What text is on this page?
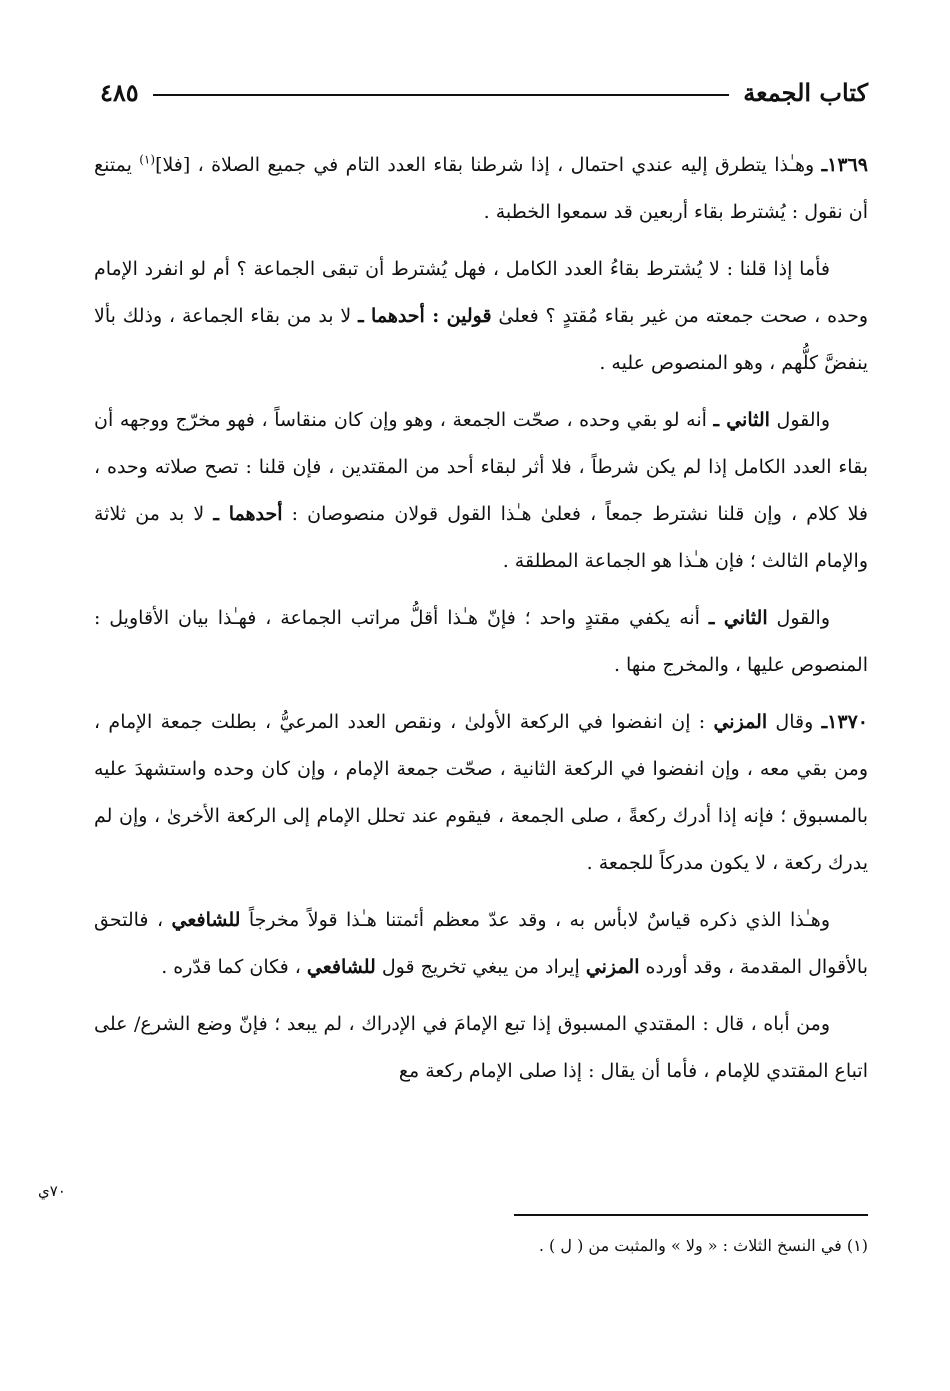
كتاب الجمعة
٤٨٥

١٣٦٩ـ وهـٰذا يتطرق إليه عندي احتمال ، إذا شرطنا بقاء العدد التام في جميع الصلاة ، [فلا]$^{(١)}$ يمتنع أن نقول : يُشترط بقاء أربعين قد سمعوا الخطبة .

فأما إذا قلنا : لا يُشترط بقاءُ العدد الكامل ، فهل يُشترط أن تبقى الجماعة ؟ أم لو انفرد الإمام وحده ، صحت جمعته من غير بقاء مُقتدٍ ؟ فعلىٰ قولين : أحدهما ـ لا بد من بقاء الجماعة ، وذلك بألا ينفضَّ كلُّهم ، وهو المنصوص عليه .

والقول الثاني ـ أنه لو بقي وحده ، صحّت الجمعة ، وهو وإن كان منقاساً ، فهو مخرّج ووجهه أن بقاء العدد الكامل إذا لم يكن شرطاً ، فلا أثر لبقاء أحد من المقتدين ، فإن قلنا : تصح صلاته وحده ، فلا كلام ، وإن قلنا نشترط جمعاً ، فعلىٰ هـٰذا القول قولان منصوصان : أحدهما ـ لا بد من ثلاثة والإمام الثالث ؛ فإن هـٰذا هو الجماعة المطلقة .

والقول الثاني ـ أنه يكفي مقتدٍ واحد ؛ فإنّ هـٰذا أقلُّ مراتب الجماعة ، فهـٰذا بيان الأقاويل : المنصوص عليها ، والمخرج منها .

١٣٧٠ـ وقال المزني : إن انفضوا في الركعة الأولىٰ ، ونقص العدد المرعيُّ ، بطلت جمعة الإمام ، ومن بقي معه ، وإن انفضوا في الركعة الثانية ، صحّت جمعة الإمام ، وإن كان وحده واستشهدَ عليه بالمسبوق ؛ فإنه إذا أدرك ركعةً ، صلى الجمعة ، فيقوم عند تحلل الإمام إلى الركعة الأخرىٰ ، وإن لم يدرك ركعة ، لا يكون مدركاً للجمعة .

وهـٰذا الذي ذكره قياسٌ لابأس به ، وقد عدّ معظم أئمتنا هـٰذا قولاً مخرجاً للشافعي ، فالتحق بالأقوال المقدمة ، وقد أورده المزني إيراد من يبغي تخريج قول للشافعي ، فكان كما قدّره .

ومن أباه ، قال : المقتدي المسبوق إذا تبع الإمامَ في الإدراك ، لم يبعد ؛ فإنّ وضع الشرع/ على اتباع المقتدي للإمام ، فأما أن يقال : إذا صلى الإمام ركعة مع

٧٠ي
(١) في النسخ الثلاث : « ولا » والمثبت من ( ل ) .
